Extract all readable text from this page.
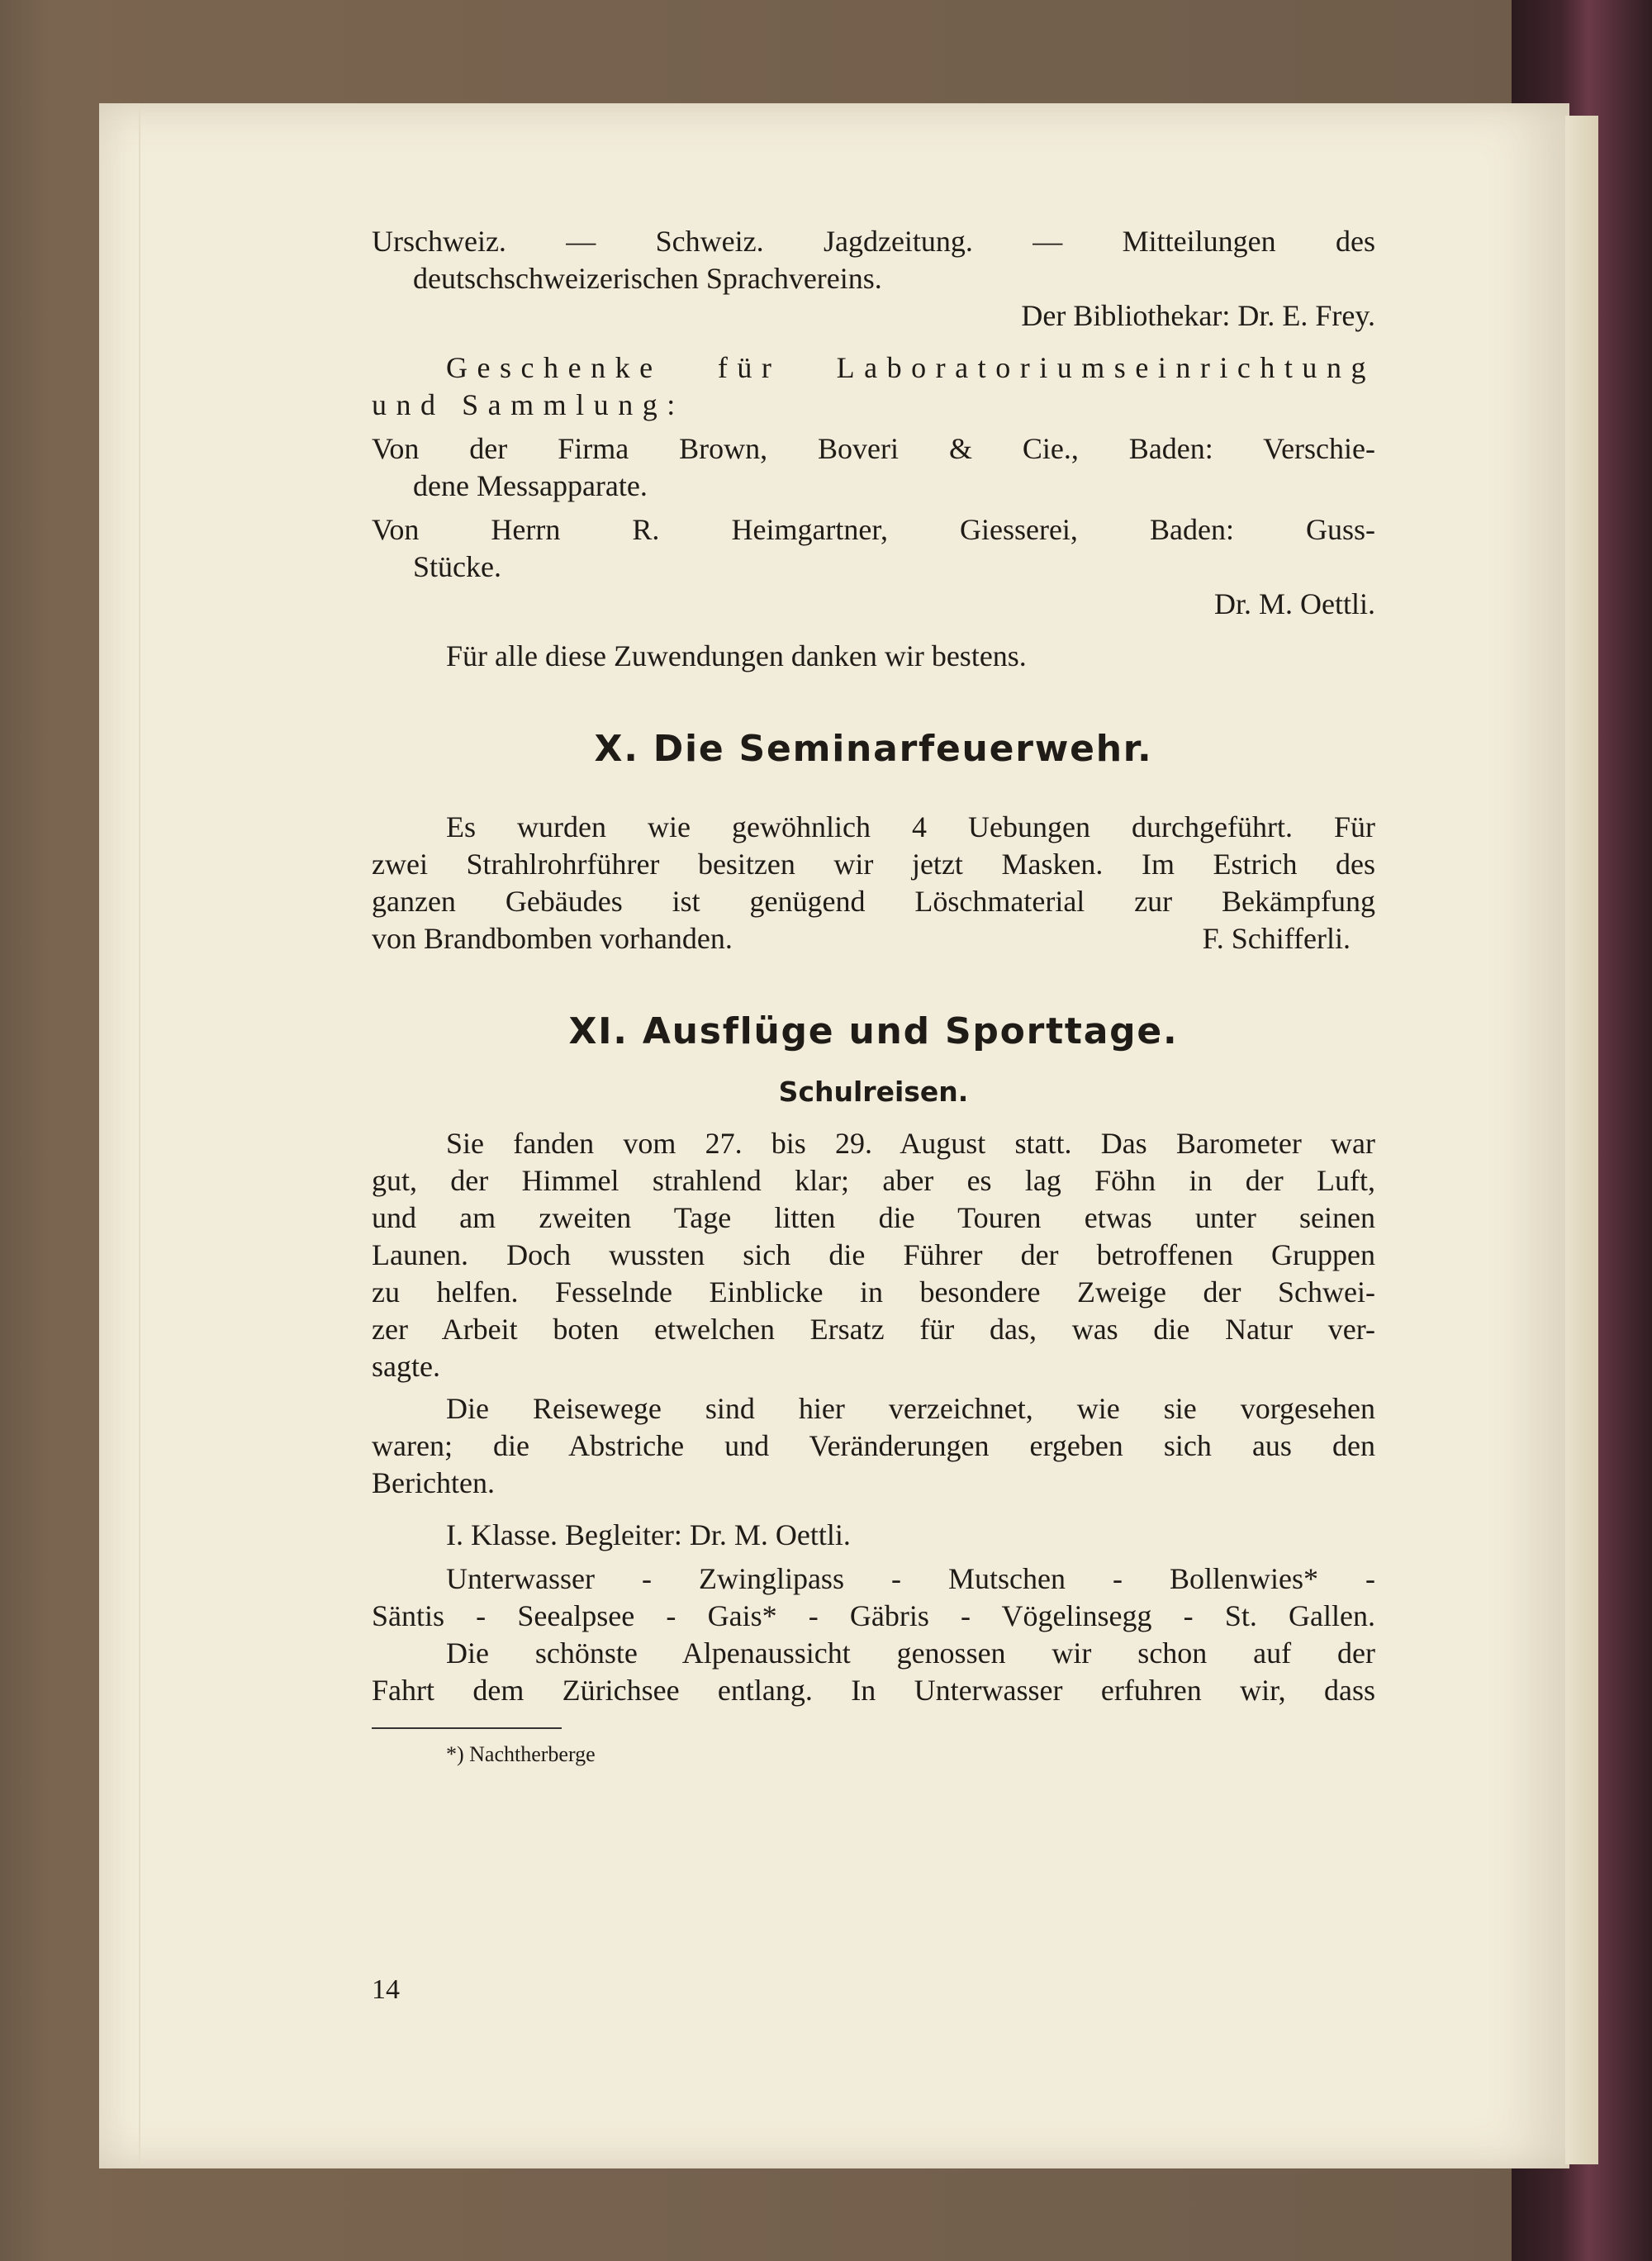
Urschweiz. — Schweiz. Jagdzeitung. — Mitteilungen des

deutschschweizerischen Sprachvereins.

Der Bibliothekar: Dr. E. Frey.

Geschenke für Laboratoriumseinrichtung

und Sammlung:

Von der Firma Brown, Boveri & Cie., Baden: Verschie-

dene Messapparate.

Von Herrn R. Heimgartner, Giesserei, Baden: Guss-

Stücke.

Dr. M. Oettli.

Für alle diese Zuwendungen danken wir bestens.

X. Die Seminarfeuerwehr.

Es wurden wie gewöhnlich 4 Uebungen durchgeführt. Für

zwei Strahlrohrführer besitzen wir jetzt Masken. Im Estrich des

ganzen Gebäudes ist genügend Löschmaterial zur Bekämpfung

von Brandbomben vorhanden.	F. Schifferli.

XI. Ausflüge und Sporttage.
Schulreisen.

Sie fanden vom 27. bis 29. August statt. Das Barometer war

gut, der Himmel strahlend klar; aber es lag Föhn in der Luft,

und am zweiten Tage litten die Touren etwas unter seinen

Launen. Doch wussten sich die Führer der betroffenen Gruppen

zu helfen. Fesselnde Einblicke in besondere Zweige der Schwei-

zer Arbeit boten etwelchen Ersatz für das, was die Natur ver-

sagte.

Die Reisewege sind hier verzeichnet, wie sie vorgesehen

waren; die Abstriche und Veränderungen ergeben sich aus den

Berichten.

I. Klasse. Begleiter: Dr. M. Oettli.

Unterwasser - Zwinglipass - Mutschen - Bollenwies* -

Säntis - Seealpsee - Gais* - Gäbris - Vögelinsegg - St. Gallen.

Die schönste Alpenaussicht genossen wir schon auf der

Fahrt dem Zürichsee entlang. In Unterwasser erfuhren wir, dass

*) Nachtherberge

14
